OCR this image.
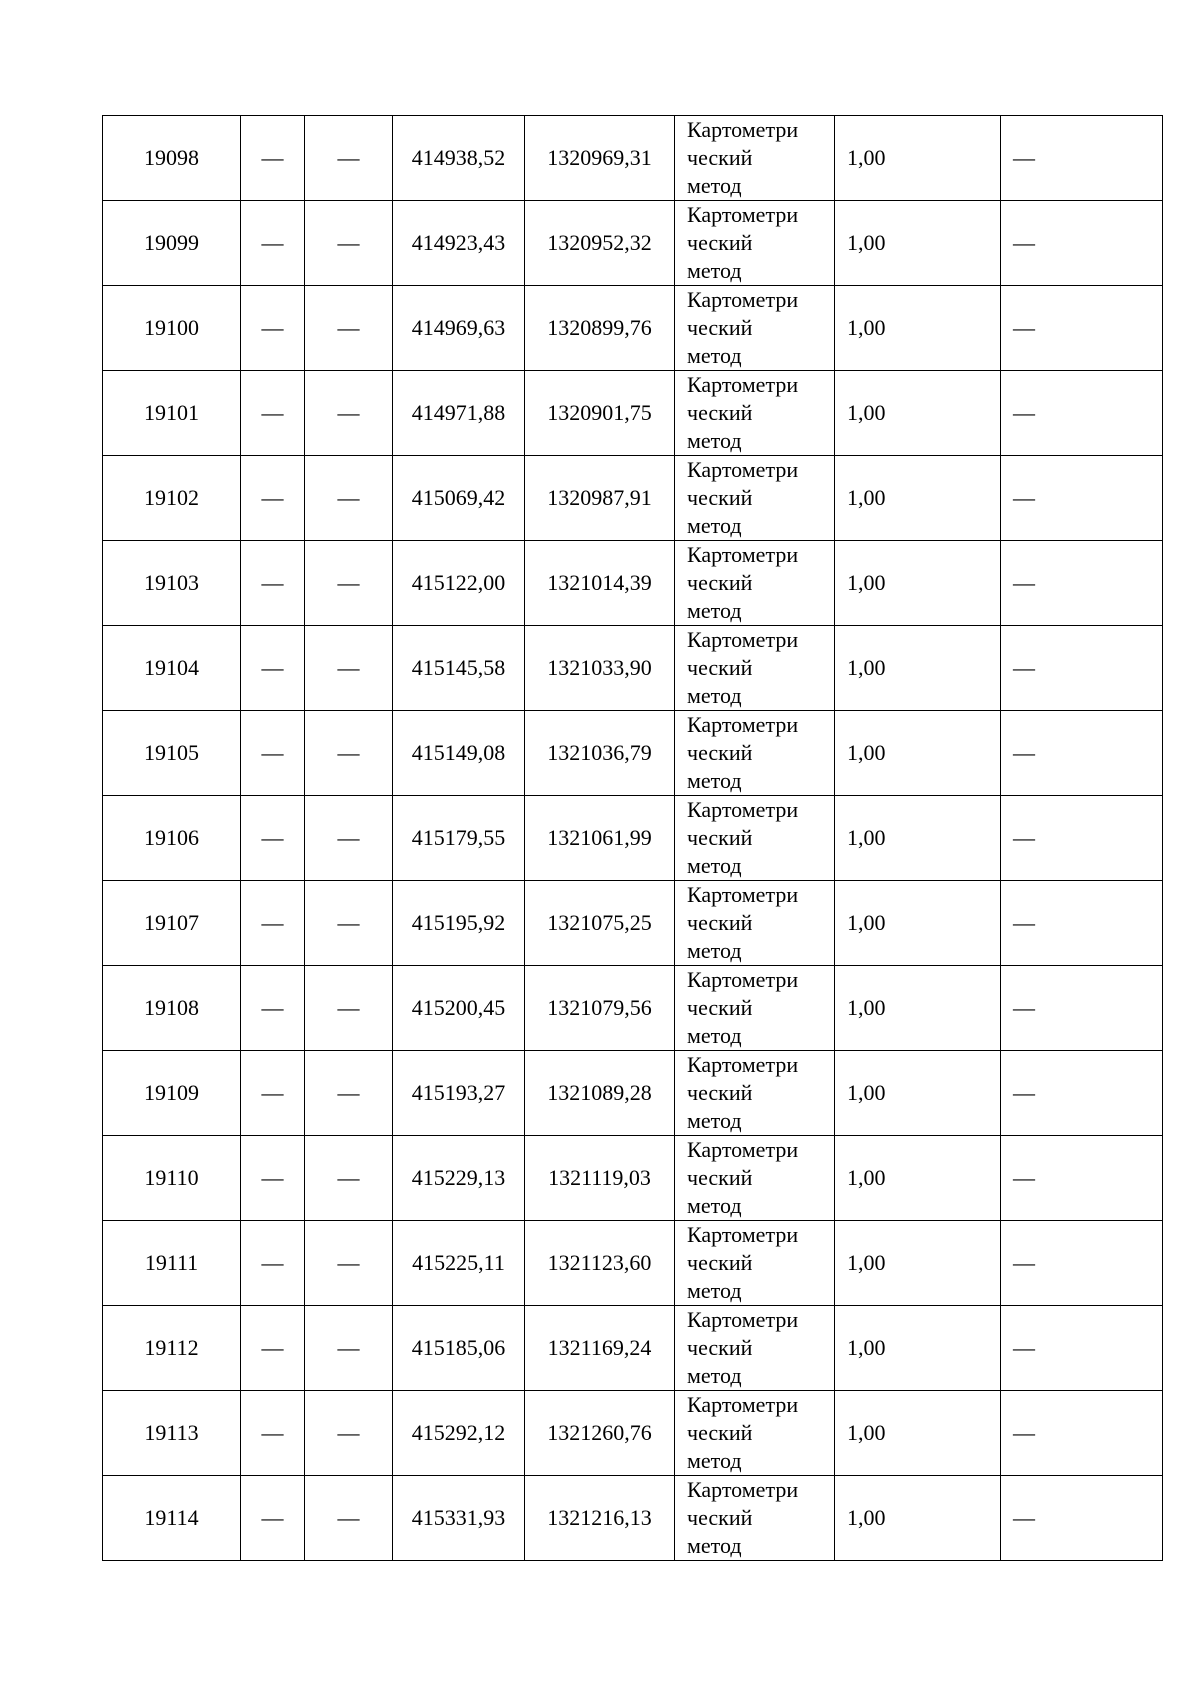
19098	—	—	414938,52	1320969,31	Картометри
ческий
метод	1,00	—
19099	—	—	414923,43	1320952,32	Картометри
ческий
метод	1,00	—
19100	—	—	414969,63	1320899,76	Картометри
ческий
метод	1,00	—
19101	—	—	414971,88	1320901,75	Картометри
ческий
метод	1,00	—
19102	—	—	415069,42	1320987,91	Картометри
ческий
метод	1,00	—
19103	—	—	415122,00	1321014,39	Картометри
ческий
метод	1,00	—
19104	—	—	415145,58	1321033,90	Картометри
ческий
метод	1,00	—
19105	—	—	415149,08	1321036,79	Картометри
ческий
метод	1,00	—
19106	—	—	415179,55	1321061,99	Картометри
ческий
метод	1,00	—
19107	—	—	415195,92	1321075,25	Картометри
ческий
метод	1,00	—
19108	—	—	415200,45	1321079,56	Картометри
ческий
метод	1,00	—
19109	—	—	415193,27	1321089,28	Картометри
ческий
метод	1,00	—
19110	—	—	415229,13	1321119,03	Картометри
ческий
метод	1,00	—
19111	—	—	415225,11	1321123,60	Картометри
ческий
метод	1,00	—
19112	—	—	415185,06	1321169,24	Картометри
ческий
метод	1,00	—
19113	—	—	415292,12	1321260,76	Картометри
ческий
метод	1,00	—
19114	—	—	415331,93	1321216,13	Картометри
ческий
метод	1,00	—
